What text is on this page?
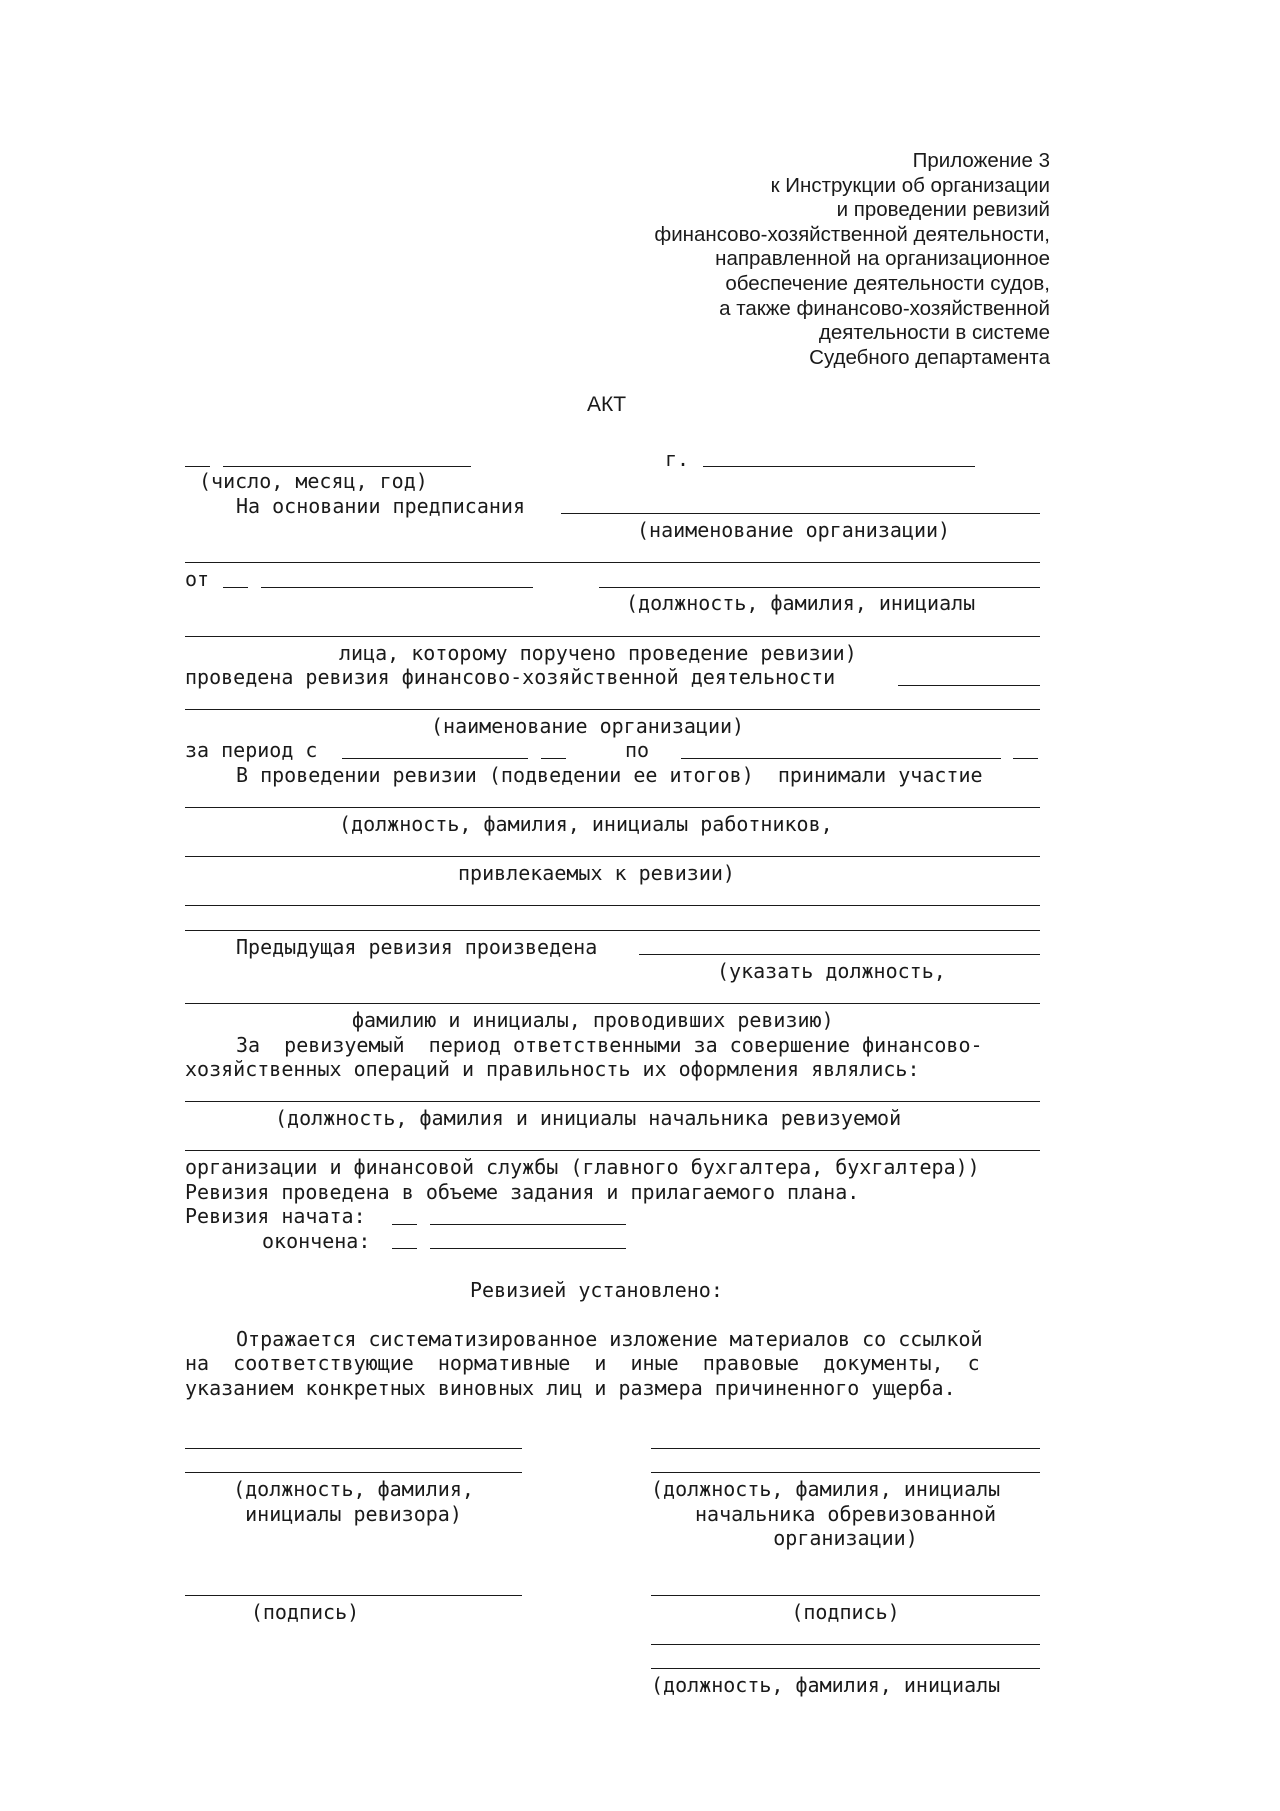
Приложение 3
к Инструкции об организации
и проведении ревизий
финансово-хозяйственной деятельности,
направленной на организационное
обеспечение деятельности судов,
а также финансово-хозяйственной
деятельности в системе
Судебного департамента
АКТ
г.
(число, месяц, год)
На основании предписания
(наименование организации)
от
(должность, фамилия, инициалы
лица, которому поручено проведение ревизии)
проведена ревизия финансово-хозяйственной деятельности
(наименование организации)
за период с	по
В проведении ревизии (подведении ее итогов)  принимали участие
(должность, фамилия, инициалы работников,
привлекаемых к ревизии)
Предыдущая ревизия произведена
(указать должность,
фамилию и инициалы, проводивших ревизию)
За  ревизуемый  период ответственными за совершение финансово-
хозяйственных операций и правильность их оформления являлись:
(должность, фамилия и инициалы начальника ревизуемой
организации и финансовой службы (главного бухгалтера, бухгалтера))
Ревизия проведена в объеме задания и прилагаемого плана.
Ревизия начата:
окончена:
Ревизией установлено:
Отражается систематизированное изложение материалов со ссылкой
на  соответствующие  нормативные  и  иные  правовые  документы,  с
указанием конкретных виновных лиц и размера причиненного ущерба.
(должность, фамилия,
инициалы ревизора)
(подпись)
(должность, фамилия, инициалы
начальника обревизованной
организации)
(подпись)
(должность, фамилия, инициалы
